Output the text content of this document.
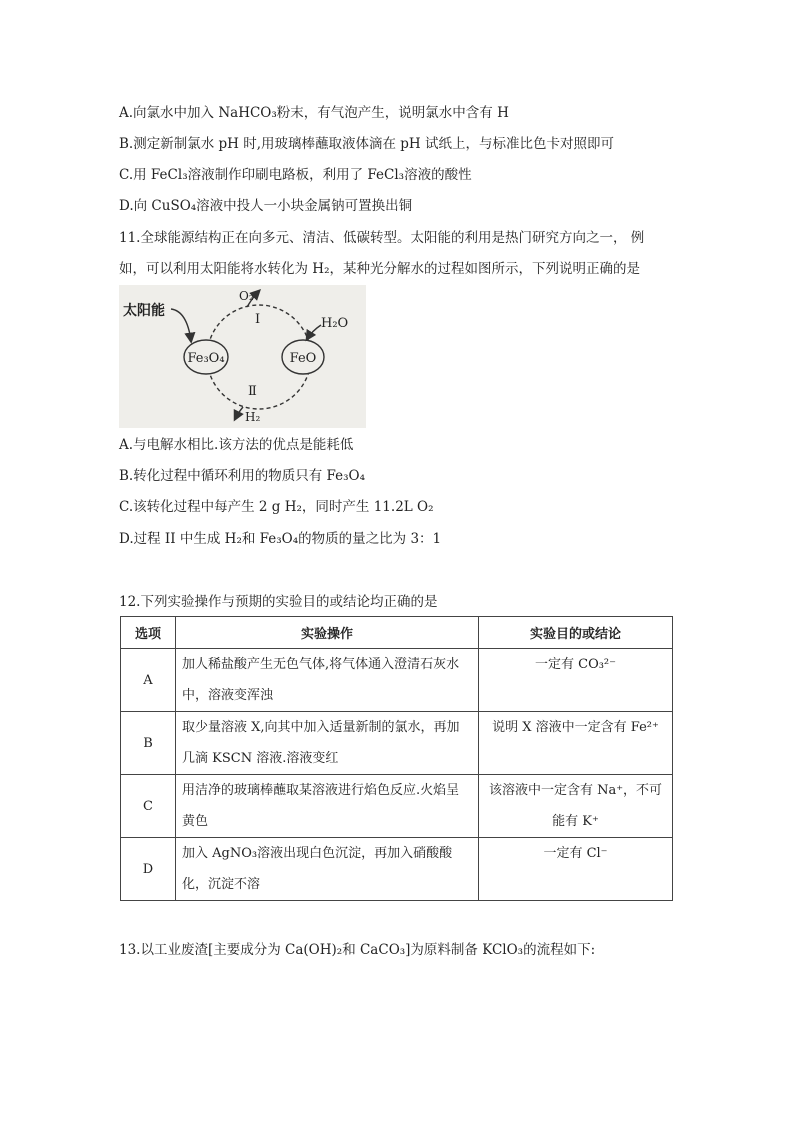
A.向氯水中加入 NaHCO₃粉末，有气泡产生，说明氯水中含有 H
B.测定新制氯水 pH 时,用玻璃棒蘸取液体滴在 pH 试纸上，与标准比色卡对照即可
C.用 FeCl₃溶液制作印刷电路板，利用了 FeCl₃溶液的酸性
D.向 CuSO₄溶液中投人一小块金属钠可置换出铜
11.全球能源结构正在向多元、清洁、低碳转型。太阳能的利用是热门研究方向之一， 例
如，可以利用太阳能将水转化为 H₂，某种光分解水的过程如图所示，下列说明正确的是
Fe₃O₄	FeO
太阳能
O₂
Ⅰ	H₂O
Ⅱ
H₂
A.与电解水相比.该方法的优点是能耗低
B.转化过程中循环利用的物质只有 Fe₃O₄
C.该转化过程中每产生 2 g H₂，同时产生 11.2L O₂
D.过程 II 中生成 H₂和 Fe₃O₄的物质的量之比为 3：1
12.下列实验操作与预期的实验目的或结论均正确的是
选项	实验操作	实验目的或结论
A	加人稀盐酸产生无色气体,将气体通入澄清石灰水中，溶液变浑浊	一定有 CO₃²⁻
B	取少量溶液 X,向其中加入适量新制的氯水，再加几滴 KSCN 溶液.溶液变红	说明 X 溶液中一定含有 Fe²⁺
C	用洁净的玻璃棒蘸取某溶液进行焰色反应.火焰呈黄色	该溶液中一定含有 Na⁺，不可能有 K⁺
D	加入 AgNO₃溶液出现白色沉淀，再加入硝酸酸化，沉淀不溶	一定有 Cl⁻
13.以工业废渣[主要成分为 Ca(OH)₂和 CaCO₃]为原料制备 KClO₃的流程如下:
